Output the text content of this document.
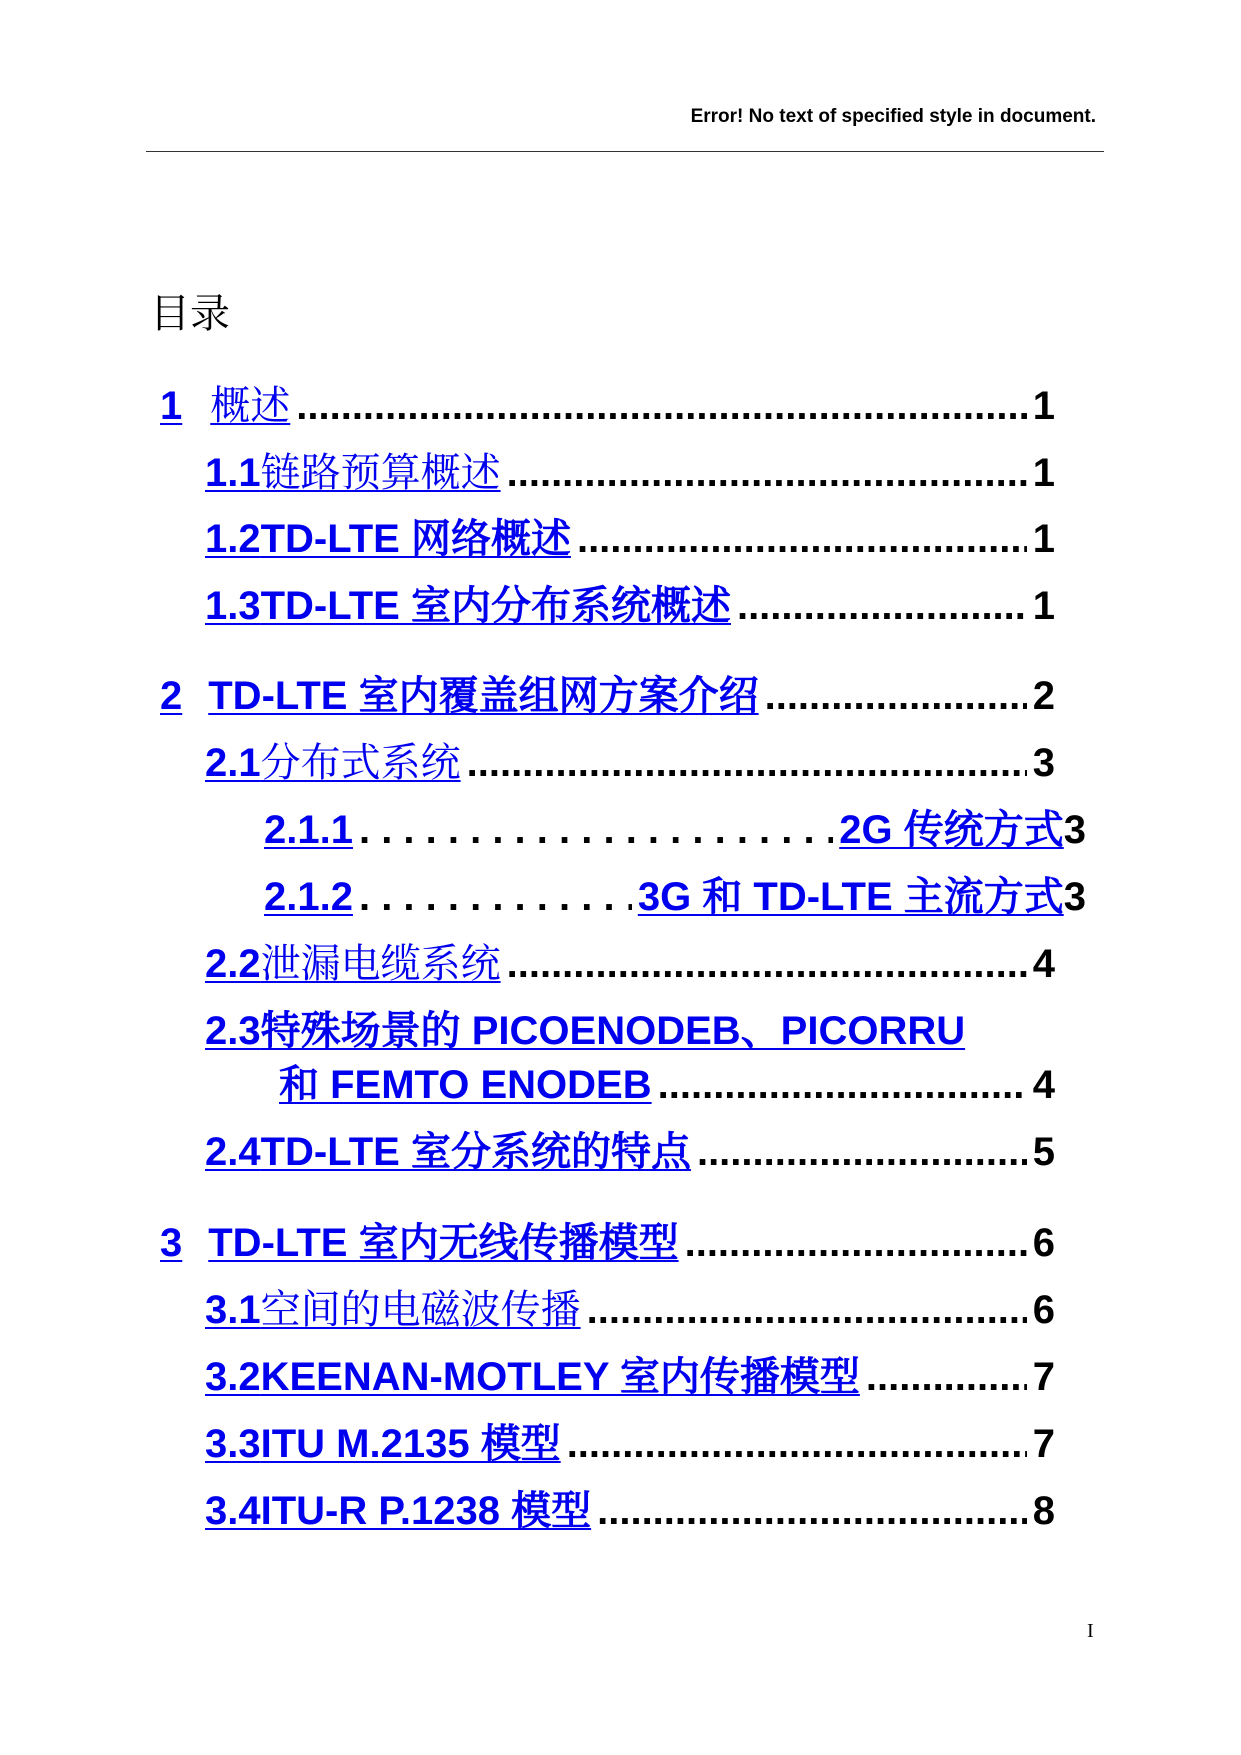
Error! No text of specified style in document.
目录
1 概述 .....	1
1.1链路预算概述 .....	1
1.2TD-LTE 网络概述 .....	1
1.3TD-LTE 室内分布系统概述 .....	1
2 TD-LTE 室内覆盖组网方案介绍 .....	2
2.1分布式系统 .....	3
2.1.1 . . .	2G 传统方式 3
2.1.2 . . .	3G 和 TD-LTE 主流方式 3
2.2泄漏电缆系统 .....	4
2.3特殊场景的 PICOENODEB、PICORRU
和 FEMTO ENODEB .....	4
2.4TD-LTE 室分系统的特点 .....	5
3 TD-LTE 室内无线传播模型 .....	6
3.1空间的电磁波传播 .....	6
3.2KEENAN-MOTLEY 室内传播模型 .....	7
3.3ITU M.2135 模型 .....	7
3.4ITU-R P.1238 模型 .....	8
I
